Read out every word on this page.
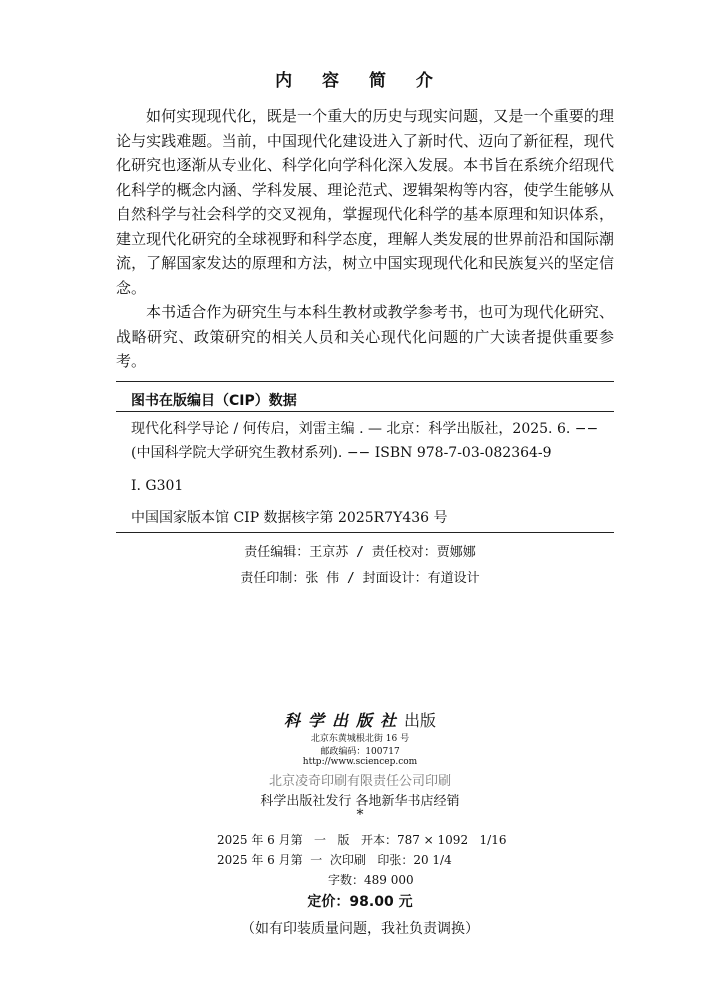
内 容 简 介

如何实现现代化，既是一个重大的历史与现实问题，又是一个重要的理论与实践难题。当前，中国现代化建设进入了新时代、迈向了新征程，现代化研究也逐渐从专业化、科学化向学科化深入发展。本书旨在系统介绍现代化科学的概念内涵、学科发展、理论范式、逻辑架构等内容，使学生能够从自然科学与社会科学的交叉视角，掌握现代化科学的基本原理和知识体系，建立现代化研究的全球视野和科学态度，理解人类发展的世界前沿和国际潮流，了解国家发达的原理和方法，树立中国实现现代化和民族复兴的坚定信念。

本书适合作为研究生与本科生教材或教学参考书，也可为现代化研究、战略研究、政策研究的相关人员和关心现代化问题的广大读者提供重要参考。

图书在版编目（CIP）数据
现代化科学导论 / 何传启，刘雷主编 . — 北京：科学出版社，2025. 6. −− (中国科学院大学研究生教材系列). −− ISBN 978-7-03-082364-9
Ⅰ. G301
中国国家版本馆 CIP 数据核字第 2025R7Y436 号
责任编辑：王京苏 / 责任校对：贾娜娜
责任印制：张 伟 / 封面设计：有道设计
科学出版社出版
北京东黄城根北街 16 号
邮政编码：100717
http://www.sciencep.com
北京凌奇印刷有限责任公司印刷
科学出版社发行 各地新华书店经销
*
2025 年 6 月第   一   版   开本：787 × 1092   1/16
2025 年 6 月第  一  次印刷   印张：20 1/4
字数：489 000
定价：98.00 元
（如有印装质量问题，我社负责调换）
